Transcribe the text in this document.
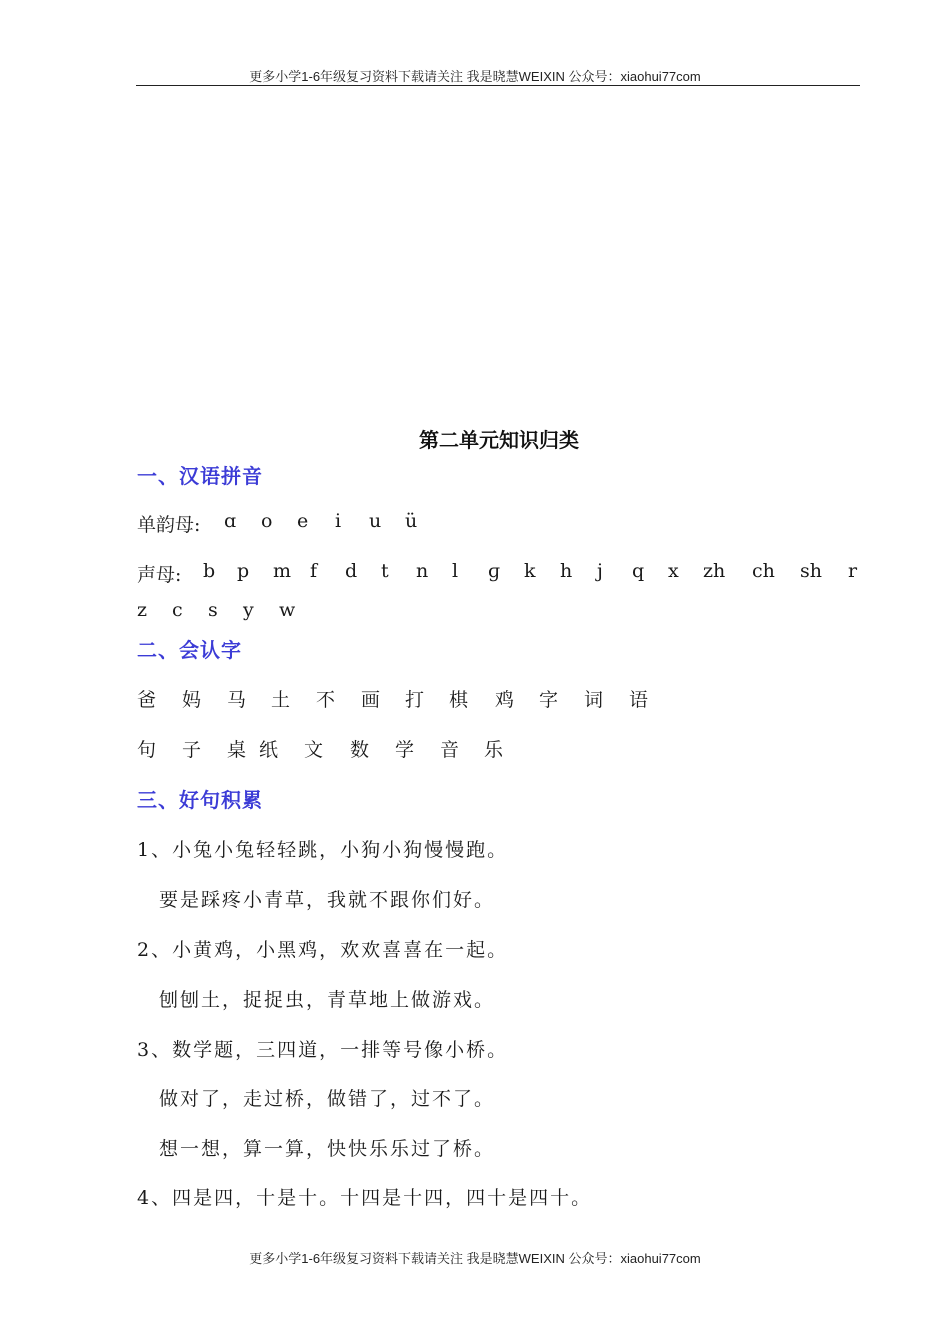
更多小学1-6年级复习资料下载请关注 我是晓慧WEIXIN 公众号：xiaohui77com
第二单元知识归类
一、汉语拼音
单韵母: ɑ o e i u ü
声母: b p m f d t n l ɡ k h j q x zh ch sh r
z c s y w
二、会认字
爸 妈 马 土 不 画 打 棋 鸡 字 词 语
句 子 桌 纸 文 数 学 音 乐
三、好句积累
1、小兔小兔轻轻跳，小狗小狗慢慢跑。
要是踩疼小青草，我就不跟你们好。
2、小黄鸡，小黑鸡，欢欢喜喜在一起。
刨刨土，捉捉虫，青草地上做游戏。
3、数学题，三四道，一排等号像小桥。
做对了，走过桥，做错了，过不了。
想一想，算一算，快快乐乐过了桥。
4、四是四，十是十。十四是十四，四十是四十。
更多小学1-6年级复习资料下载请关注 我是晓慧WEIXIN 公众号：xiaohui77com
